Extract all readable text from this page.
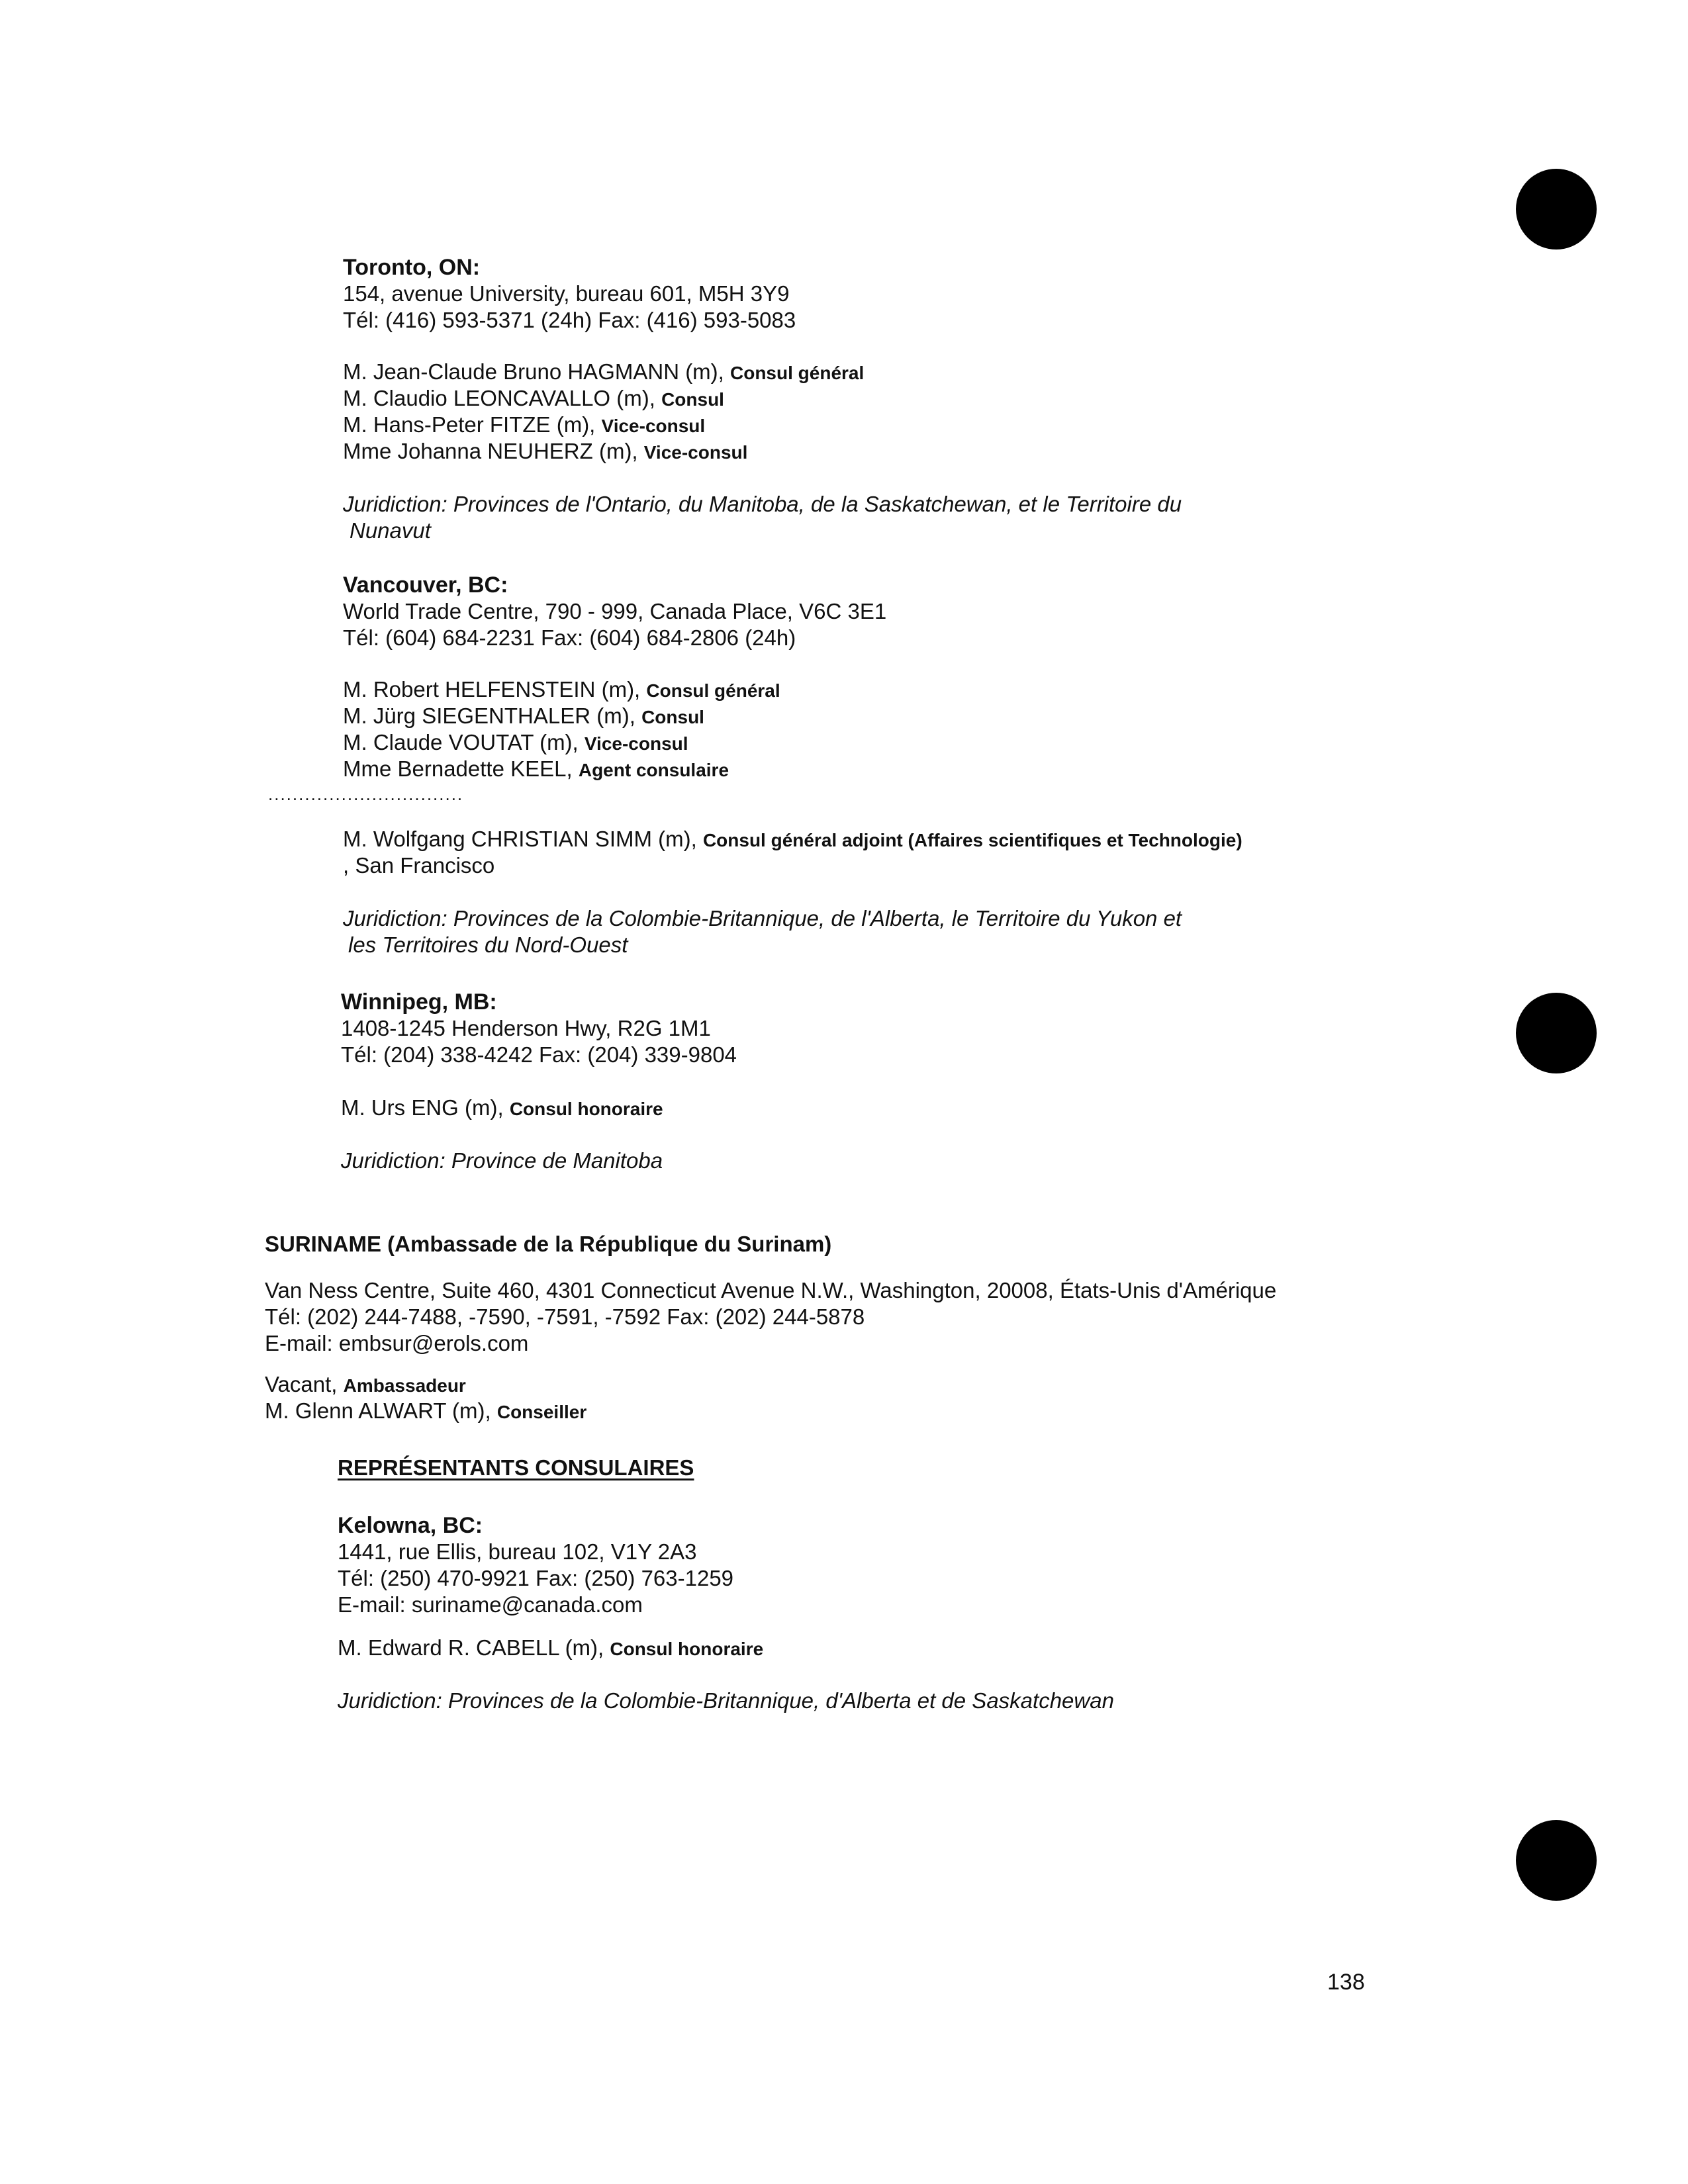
Toronto, ON:
154, avenue University, bureau 601, M5H 3Y9
Tél: (416) 593-5371 (24h) Fax: (416) 593-5083
M. Jean-Claude Bruno HAGMANN (m), Consul général
M. Claudio LEONCAVALLO (m), Consul
M. Hans-Peter FITZE (m), Vice-consul
Mme Johanna NEUHERZ (m), Vice-consul
Juridiction: Provinces de l'Ontario, du Manitoba, de la Saskatchewan, et le Territoire du
Nunavut
Vancouver, BC:
World Trade Centre, 790 - 999, Canada Place, V6C 3E1
Tél: (604) 684-2231 Fax: (604) 684-2806 (24h)
M. Robert HELFENSTEIN (m), Consul général
M. Jürg SIEGENTHALER (m), Consul
M. Claude VOUTAT (m), Vice-consul
Mme Bernadette KEEL, Agent consulaire
................................
M. Wolfgang CHRISTIAN SIMM (m), Consul général adjoint (Affaires scientifiques et Technologie)
, San Francisco
Juridiction: Provinces de la Colombie-Britannique, de l'Alberta, le Territoire du Yukon et
les Territoires du Nord-Ouest
Winnipeg, MB:
1408-1245 Henderson Hwy, R2G 1M1
Tél: (204) 338-4242 Fax: (204) 339-9804
M. Urs ENG (m), Consul honoraire
Juridiction: Province de Manitoba
SURINAME (Ambassade de la République du Surinam)
Van Ness Centre, Suite 460, 4301 Connecticut Avenue N.W., Washington, 20008, États-Unis d'Amérique
Tél: (202) 244-7488, -7590, -7591, -7592 Fax: (202) 244-5878
E-mail: embsur@erols.com
Vacant, Ambassadeur
M. Glenn ALWART (m), Conseiller
REPRÉSENTANTS CONSULAIRES
Kelowna, BC:
1441, rue Ellis, bureau 102, V1Y 2A3
Tél: (250) 470-9921 Fax: (250) 763-1259
E-mail: suriname@canada.com
M. Edward R. CABELL (m), Consul honoraire
Juridiction: Provinces de la Colombie-Britannique, d'Alberta et de Saskatchewan
138
